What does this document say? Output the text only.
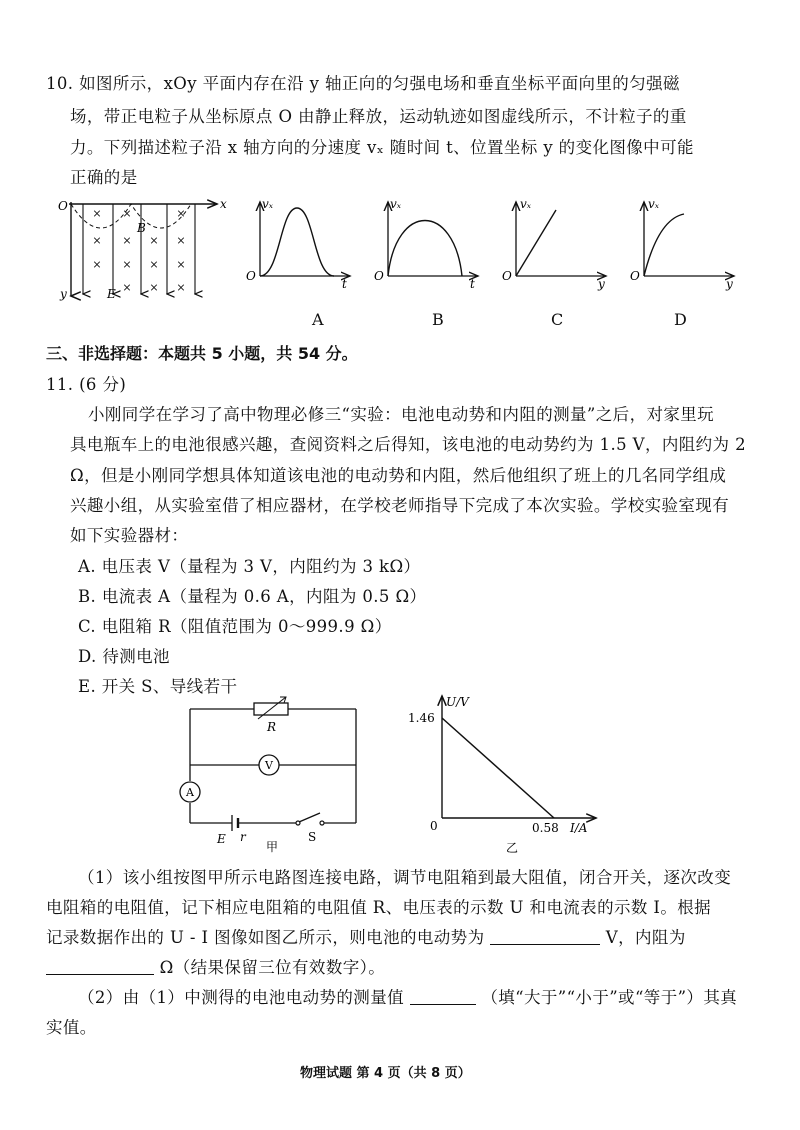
10. 如图所示，xOy 平面内存在沿 y 轴正向的匀强电场和垂直坐标平面向里的匀强磁
场，带正电粒子从坐标原点 O 由静止释放，运动轨迹如图虚线所示，不计粒子的重
力。下列描述粒子沿 x 轴方向的分速度 vₓ 随时间 t、位置坐标 y 的变化图像中可能
正确的是
× ×	×
× × × ×
× × × ×
× × ×
O	x
y
B
E
vₓ
O
t
vₓ
O
t
vₓ
O
y
vₓ
O
y
A	B	C	D
三、非选择题：本题共 5 小题，共 54 分。
11. (6 分)
小刚同学在学习了高中物理必修三“实验：电池电动势和内阻的测量”之后，对家里玩
具电瓶车上的电池很感兴趣，查阅资料之后得知，该电池的电动势约为 1.5 V，内阻约为 2
Ω，但是小刚同学想具体知道该电池的电动势和内阻，然后他组织了班上的几名同学组成
兴趣小组，从实验室借了相应器材，在学校老师指导下完成了本次实验。学校实验室现有
如下实验器材：
A. 电压表 V（量程为 3 V，内阻约为 3 kΩ）
B. 电流表 A（量程为 0.6 A，内阻为 0.5 Ω）
C. 电阻箱 R（阻值范围为 0～999.9 Ω）
D. 待测电池
E. 开关 S、导线若干
R
V
A
E r	S
甲
U/V
1.46
0	0.58 I/A
乙
（1）该小组按图甲所示电路图连接电路，调节电阻箱到最大阻值，闭合开关，逐次改变
电阻箱的电阻值，记下相应电阻箱的电阻值 R、电压表的示数 U 和电流表的示数 I。根据
记录数据作出的 U - I 图像如图乙所示，则电池的电动势为	V，内阻为
Ω（结果保留三位有效数字）。
（2）由（1）中测得的电池电动势的测量值	（填“大于”“小于”或“等于”）其真
实值。
物理试题 第 4 页（共 8 页）
